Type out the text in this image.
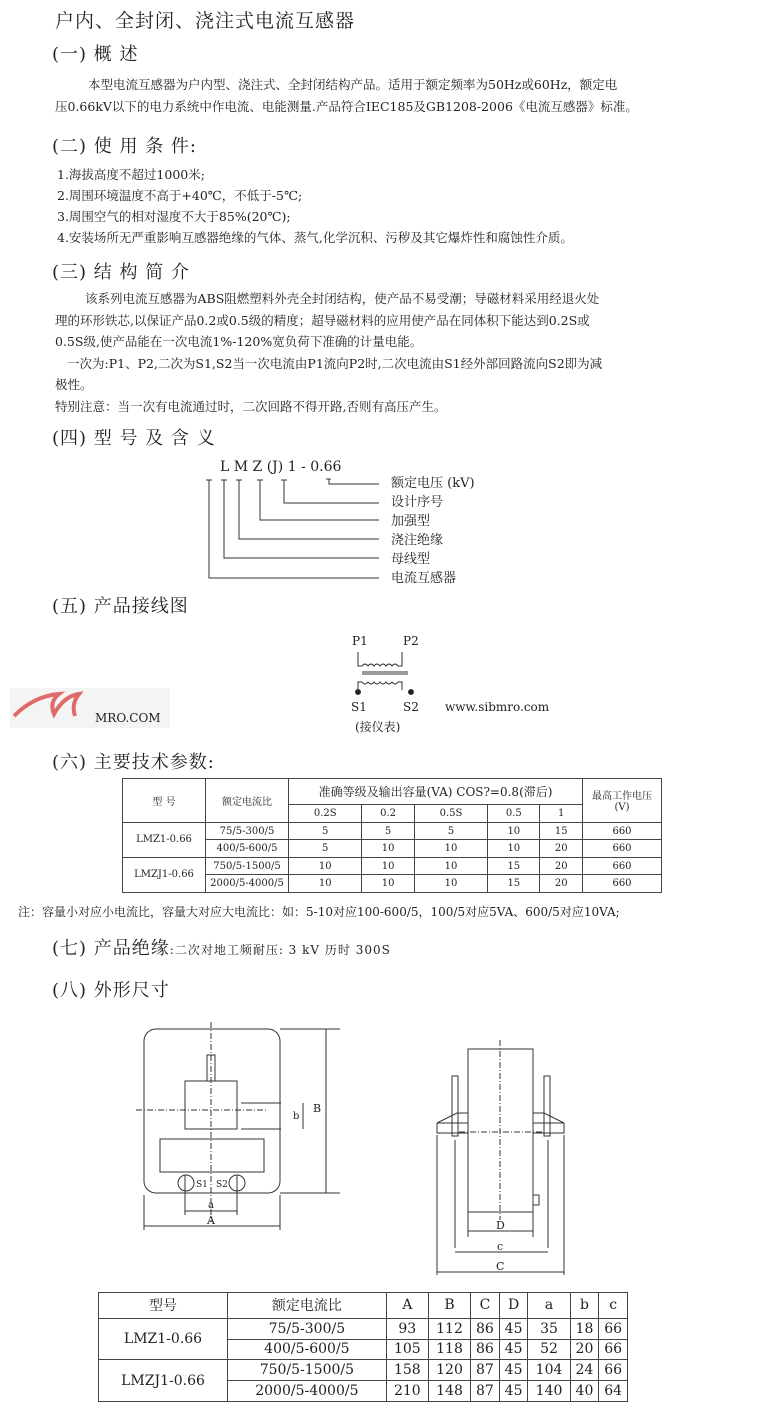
户内、全封闭、浇注式电流互感器
(一) 概 述
本型电流互感器为户内型、浇注式、全封闭结构产品。适用于额定频率为50Hz或60Hz，额定电
压0.66kV以下的电力系统中作电流、电能测量.产品符合IEC185及GB1208-2006《电流互感器》标准。
(二) 使 用 条 件:
1.海拔高度不超过1000米;
2.周围环境温度不高于+40℃，不低于-5℃;
3.周围空气的相对湿度不大于85%(20℃);
4.安装场所无严重影响互感器绝缘的气体、蒸气,化学沉积、污秽及其它爆炸性和腐蚀性介质。
(三) 结 构 简 介
该系列电流互感器为ABS阻燃塑料外壳全封闭结构，使产品不易受潮；导磁材料采用经退火处
理的环形铁芯,以保证产品0.2或0.5级的精度；超导磁材料的应用使产品在同体积下能达到0.2S或
0.5S级,使产品能在一次电流1%-120%宽负荷下准确的计量电能。
一次为:P1、P2,二次为S1,S2当一次电流由P1流向P2时,二次电流由S1经外部回路流向S2即为减
极性。
特别注意：当一次有电流通过时，二次回路不得开路,否则有高压产生。
(四) 型 号 及 含 义
L M Z (J) 1 - 0.66
额定电压 (kV)
设计序号
加强型
浇注绝缘
母线型
电流互感器
P1	P2
www.sibmro.com
S1	S2
(接仪表)
MRO.COM
S1 S2
a
A
b
B
D
c
C
(五) 产品接线图
(六) 主要技术参数:
型 号	额定电流比	准确等级及输出容量(VA) COS?=0.8(滞后)					最高工作电压 (V)
		0.2S	0.2	0.5S	0.5	1	
LMZ1-0.66	75/5-300/5	5	5	5	10	15	660
	400/5-600/5	5	10	10	10	20	660
LMZJ1-0.66	750/5-1500/5	10	10	10	15	20	660
	2000/5-4000/5	10	10	10	15	20	660
注：容量小对应小电流比，容量大对应大电流比：如：5-10对应100-600/5，100/5对应5VA、600/5对应10VA;
(七) 产品绝缘:二次对地工频耐压: 3 kV 历时 300S
(八) 外形尺寸
型号	额定电流比	A	B	C	D	a	b	c
LMZ1-0.66	75/5-300/5	93	112	86	45	35	18	66
	400/5-600/5	105	118	86	45	52	20	66
LMZJ1-0.66	750/5-1500/5	158	120	87	45	104	24	66
	2000/5-4000/5	210	148	87	45	140	40	64
